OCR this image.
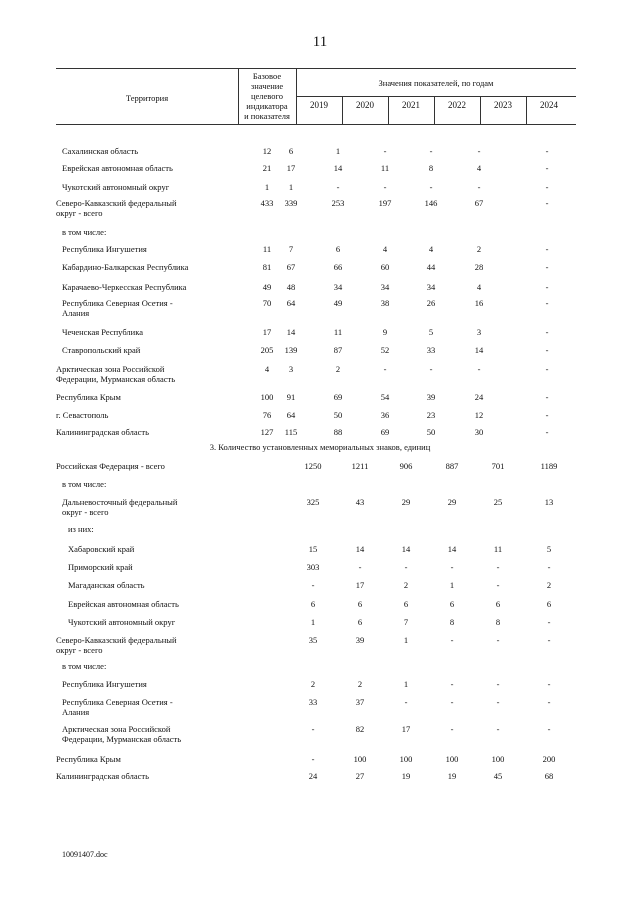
11
Территория
Базовое
значение
целевого
индикатора
и показателя
Значения показателей, по годам
2019	2020	2021	2022	2023	2024
Сахалинская область	12	6	1	-	-	-	-
Еврейская автономная область	21	17	14	11	8	4	-
Чукотский автономный округ	1	1	-	-	-	-	-
Северо-Кавказский федеральный
округ - всего
433	339	253	197	146	67	-
в том числе:
Республика Ингушетия	11	7	6	4	4	2	-
Кабардино-Балкарская Республика	81	67	66	60	44	28	-
Карачаево-Черкесская Республика	49	48	34	34	34	4	-
Республика Северная Осетия -
Алания
70	64	49	38	26	16	-
Чеченская Республика	17	14	11	9	5	3	-
Ставропольский край	205	139	87	52	33	14	-
Арктическая зона Российской
Федерации, Мурманская область
4	3	2	-	-	-	-
Республика Крым	100	91	69	54	39	24	-
г. Севастополь	76	64	50	36	23	12	-
Калининградская область	127	115	88	69	50	30	-
3. Количество установленных мемориальных знаков, единиц
Российская Федерация - всего	1250	1211	906	887	701	1189
в том числе:
Дальневосточный федеральный
округ - всего
325	43	29	29	25	13
из них:
Хабаровский край	15	14	14	14	11	5
Приморский край	303	-	-	-	-	-
Магаданская область	-	17	2	1	-	2
Еврейская автономная область	6	6	6	6	6	6
Чукотский автономный округ	1	6	7	8	8	-
Северо-Кавказский федеральный
округ - всего
35	39	1	-	-	-
в том числе:
Республика Ингушетия	2	2	1	-	-	-
Республика Северная Осетия -
Алания
33	37	-	-	-	-
Арктическая зона Российской
Федерации, Мурманская область
-	82	17	-	-	-
Республика Крым	-	100	100	100	100	200
Калининградская область	24	27	19	19	45	68
10091407.doc
